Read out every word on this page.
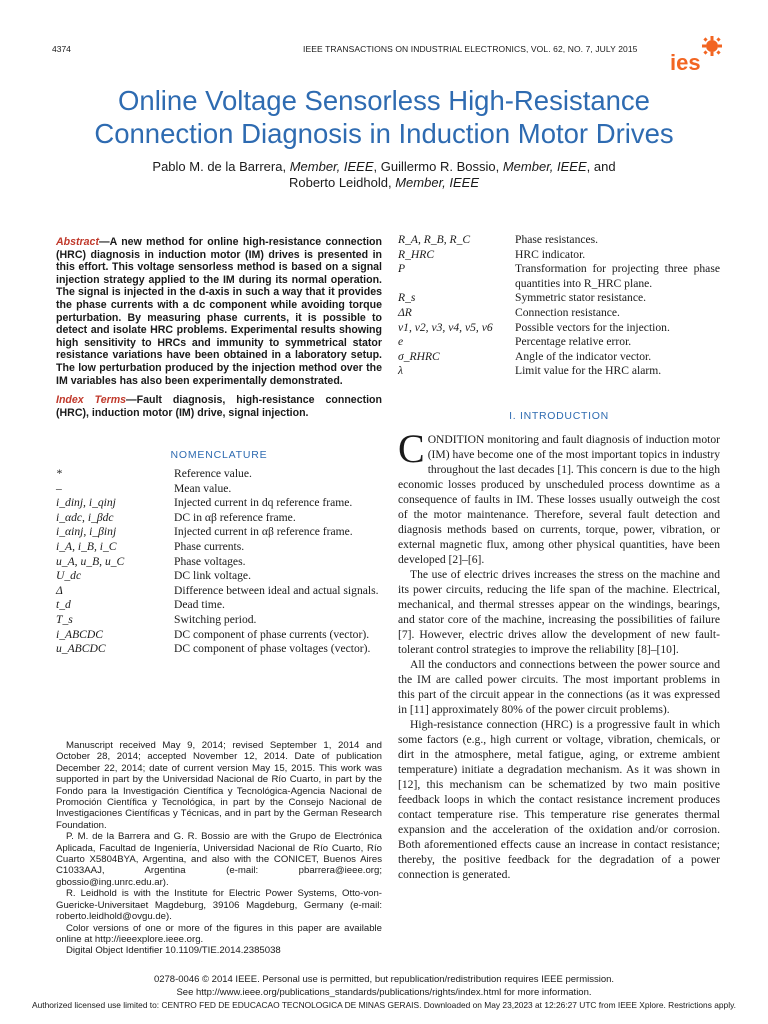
4374	IEEE TRANSACTIONS ON INDUSTRIAL ELECTRONICS, VOL. 62, NO. 7, JULY 2015
ies
Online Voltage Sensorless High-Resistance
Connection Diagnosis in Induction Motor Drives
Pablo M. de la Barrera, Member, IEEE, Guillermo R. Bossio, Member, IEEE, and
Roberto Leidhold, Member, IEEE
Abstract—A new method for online high-resistance connection (HRC) diagnosis in induction motor (IM) drives is presented in this effort. This voltage sensorless method is based on a signal injection strategy applied to the IM during its normal operation. The signal is injected in the d-axis in such a way that it provides the phase currents with a dc component while avoiding torque perturbation. By measuring phase currents, it is possible to detect and isolate HRC problems. Experimental results showing high sensitivity to HRCs and immunity to symmetrical stator resistance variations have been obtained in a laboratory setup. The low perturbation produced by the injection method over the IM variables has also been experimentally demonstrated.
Index Terms—Fault diagnosis, high-resistance connection (HRC), induction motor (IM) drive, signal injection.
NOMENCLATURE
*	Reference value.
–	Mean value.
i_dinj, i_qinj	Injected current in dq reference frame.
i_αdc, i_βdc	DC in αβ reference frame.
i_αinj, i_βinj	Injected current in αβ reference frame.
i_A, i_B, i_C	Phase currents.
u_A, u_B, u_C	Phase voltages.
U_dc	DC link voltage.
Δ	Difference between ideal and actual signals.
t_d	Dead time.
T_s	Switching period.
i_ABCDC	DC component of phase currents (vector).
u_ABCDC	DC component of phase voltages (vector).
R_A, R_B, R_C	Phase resistances.
R_HRC	HRC indicator.
P	Transformation for projecting three phase quantities into R_HRC plane.
R_s	Symmetric stator resistance.
ΔR	Connection resistance.
v1, v2, v3, v4, v5, v6	Possible vectors for the injection.
e	Percentage relative error.
σ_RHRC	Angle of the indicator vector.
λ	Limit value for the HRC alarm.

Manuscript received May 9, 2014; revised September 1, 2014 and October 28, 2014; accepted November 12, 2014. Date of publication December 22, 2014; date of current version May 15, 2015. This work was supported in part by the Universidad Nacional de Río Cuarto, in part by the Fondo para la Investigación Científica y Tecnológica-Agencia Nacional de Promoción Científica y Tecnológica, in part by the Consejo Nacional de Investigaciones Científicas y Técnicas, and in part by the German Research Foundation.

P. M. de la Barrera and G. R. Bossio are with the Grupo de Electrónica Aplicada, Facultad de Ingeniería, Universidad Nacional de Río Cuarto, Río Cuarto X5804BYA, Argentina, and also with the CONICET, Buenos Aires C1033AAJ, Argentina (e-mail: pbarrera@ieee.org; gbossio@ing.unrc.edu.ar).

R. Leidhold is with the Institute for Electric Power Systems, Otto-von-Guericke-Universitaet Magdeburg, 39106 Magdeburg, Germany (e-mail: roberto.leidhold@ovgu.de).

Color versions of one or more of the figures in this paper are available online at http://ieeexplore.ieee.org.

Digital Object Identifier 10.1109/TIE.2014.2385038

I. INTRODUCTION

CONDITION monitoring and fault diagnosis of induction motor (IM) have become one of the most important topics in industry throughout the last decades [1]. This concern is due to the high economic losses produced by unscheduled process downtime as a consequence of faults in IM. These losses usually outweigh the cost of the motor maintenance. Therefore, several fault detection and diagnosis methods based on currents, torque, power, vibration, or external magnetic flux, among other physical quantities, have been developed [2]–[6].

The use of electric drives increases the stress on the machine and its power circuits, reducing the life span of the machine. Electrical, mechanical, and thermal stresses appear on the windings, bearings, and stator core of the machine, increasing the possibilities of failure [7]. However, electric drives allow the development of new fault-tolerant control strategies to improve the reliability [8]–[10].

All the conductors and connections between the power source and the IM are called power circuits. The most important problems in this part of the circuit appear in the connections (as it was expressed in [11] approximately 80% of the power circuit problems).

High-resistance connection (HRC) is a progressive fault in which some factors (e.g., high current or voltage, vibration, chemicals, or dirt in the atmosphere, metal fatigue, aging, or extreme ambient temperature) initiate a degradation mechanism. As it was shown in [12], this mechanism can be schematized by two main positive feedback loops in which the contact resistance increment produces contact temperature rise. This temperature rise generates thermal expansion and the acceleration of the oxidation and/or corrosion. Both aforementioned effects cause an increase in contact resistance; thereby, the positive feedback for the degradation of a power connection is generated.

0278-0046 © 2014 IEEE. Personal use is permitted, but republication/redistribution requires IEEE permission.
See http://www.ieee.org/publications_standards/publications/rights/index.html for more information.
Authorized licensed use limited to: CENTRO FED DE EDUCACAO TECNOLOGICA DE MINAS GERAIS. Downloaded on May 23,2023 at 12:26:27 UTC from IEEE Xplore. Restrictions apply.
